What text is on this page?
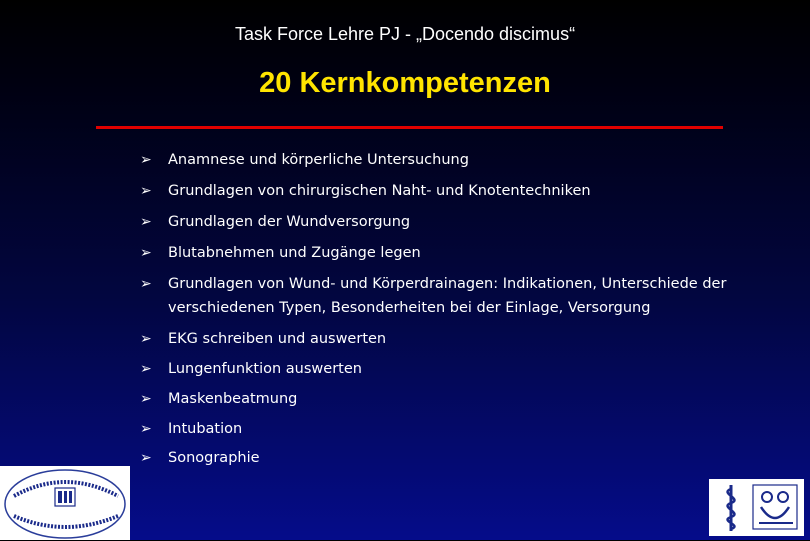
Task Force Lehre PJ - „Docendo discimus“
20 Kernkompetenzen
➢ Anamnese und körperliche Untersuchung
➢ Grundlagen von chirurgischen Naht- und Knotentechniken
➢ Grundlagen der Wundversorgung
➢ Blutabnehmen und Zugänge legen
➢ Grundlagen von Wund- und Körperdrainagen: Indikationen, Unterschiede der verschiedenen Typen, Besonderheiten bei der Einlage, Versorgung
➢ EKG schreiben und auswerten
➢ Lungenfunktion auswerten
➢ Maskenbeatmung
➢ Intubation
➢ Sonographie
